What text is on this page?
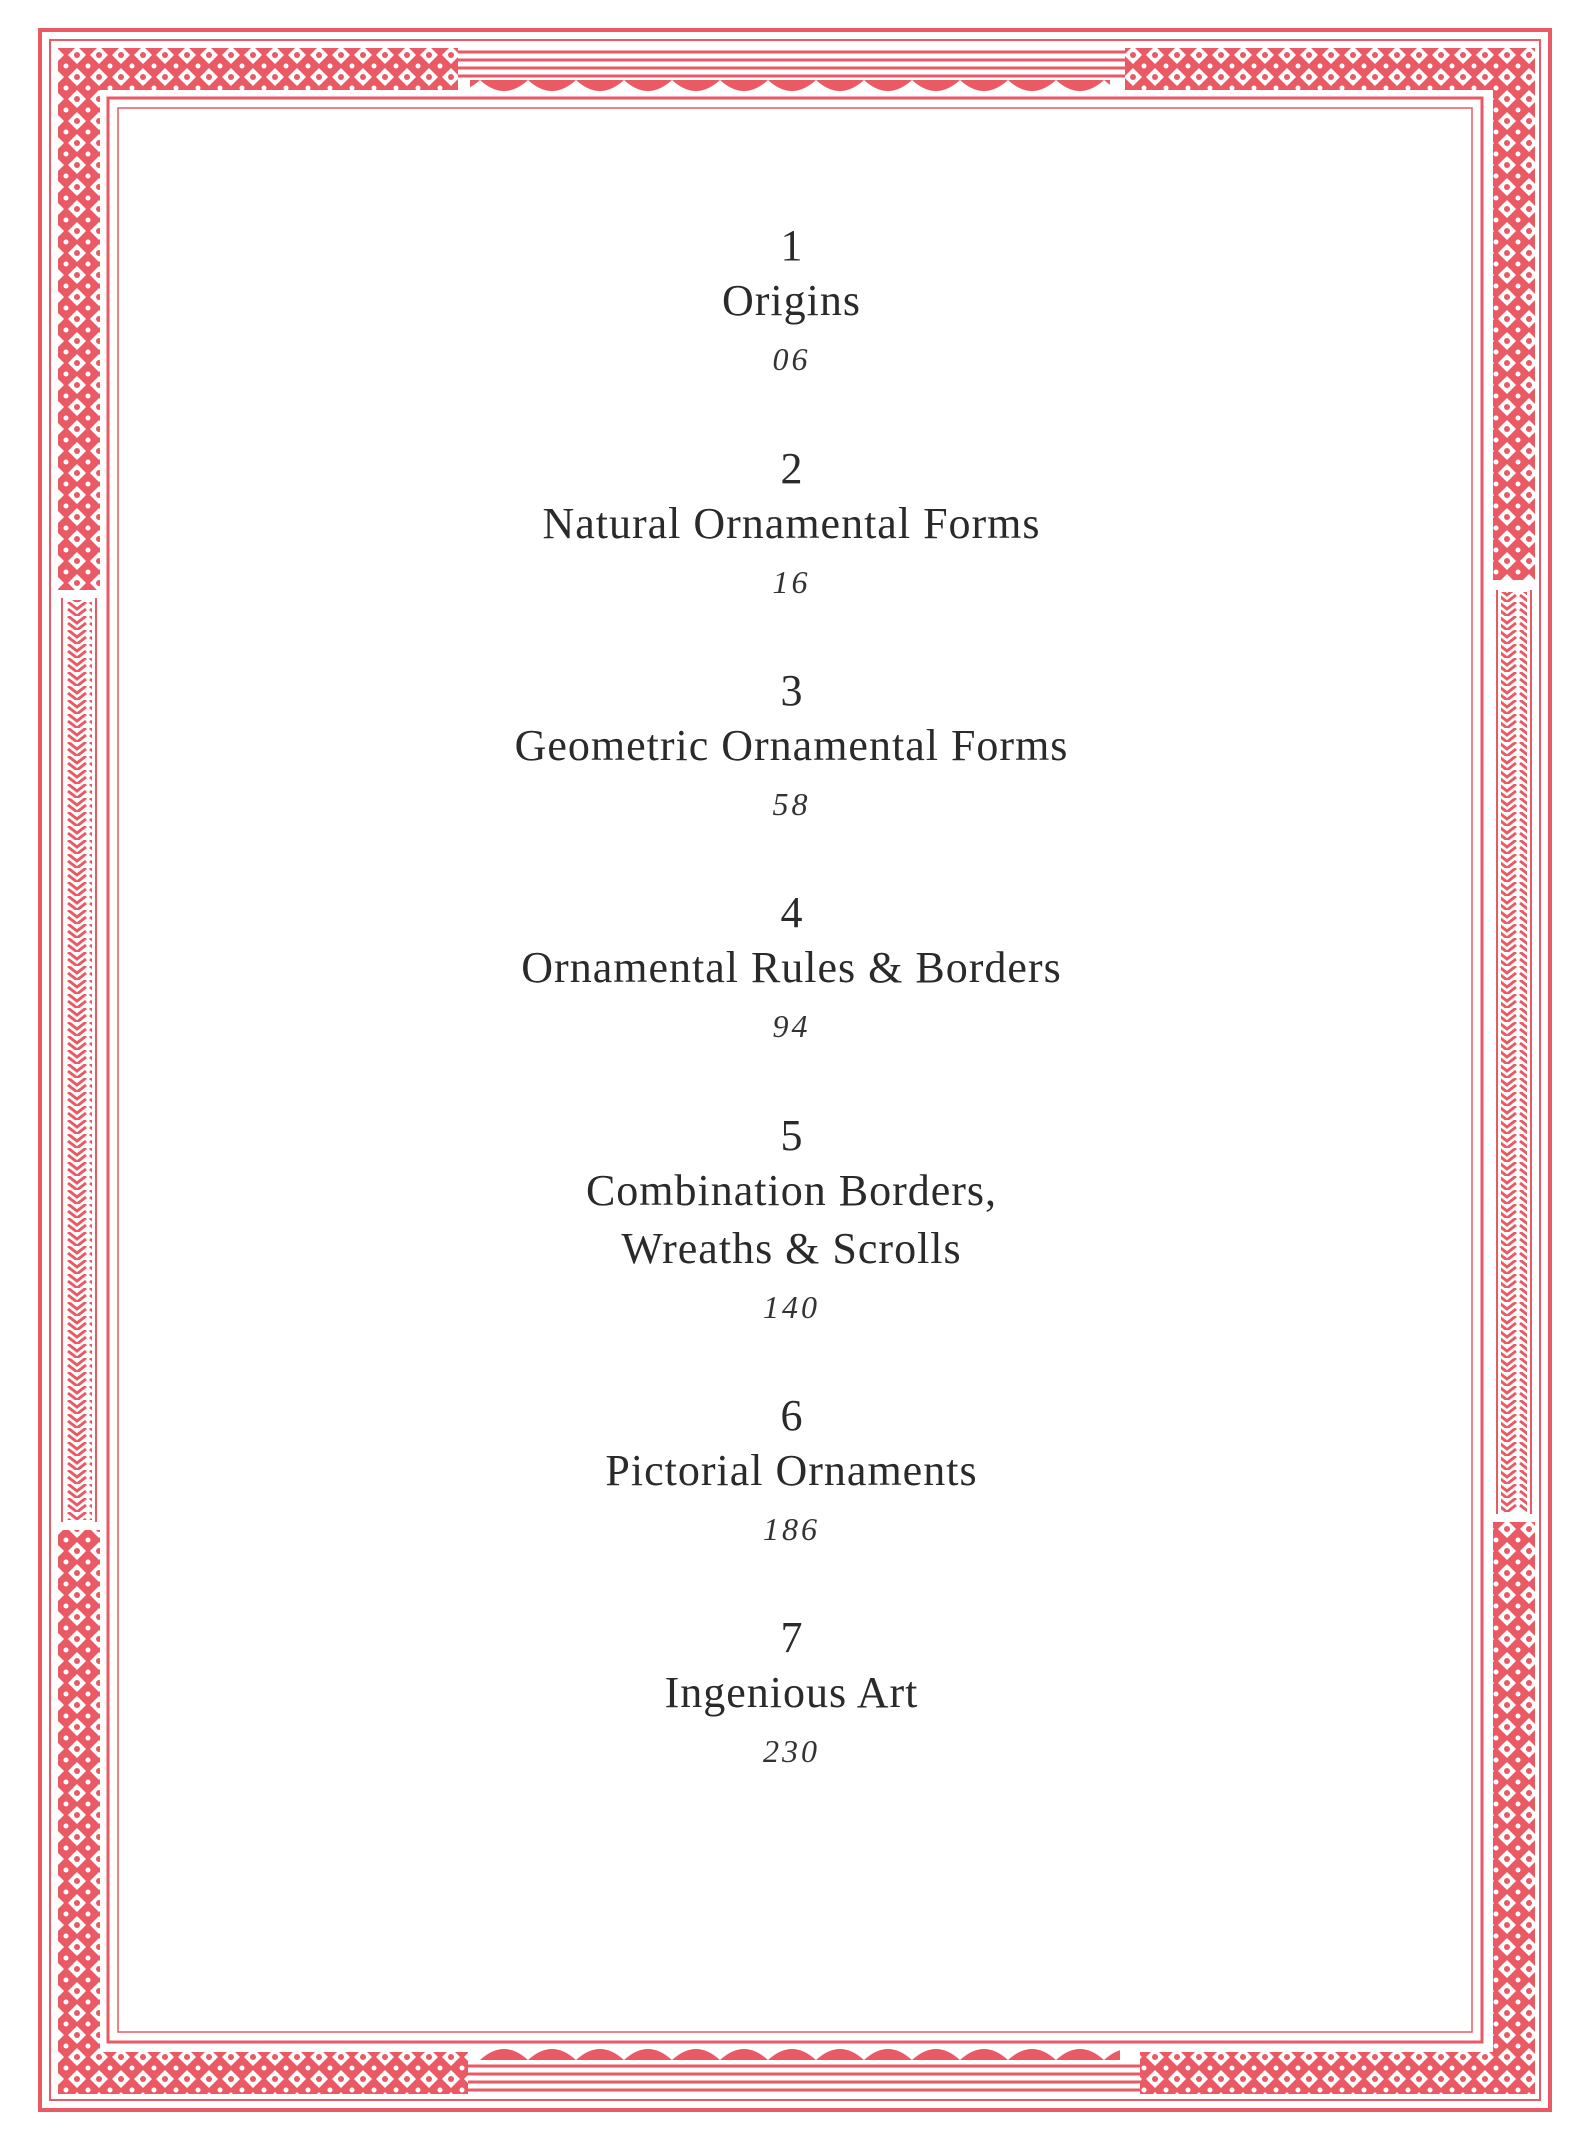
1
Origins
06
2
Natural Ornamental Forms
16
3
Geometric Ornamental Forms
58
4
Ornamental Rules & Borders
94
5
Combination Borders,
Wreaths & Scrolls
140
6
Pictorial Ornaments
186
7
Ingenious Art
230
